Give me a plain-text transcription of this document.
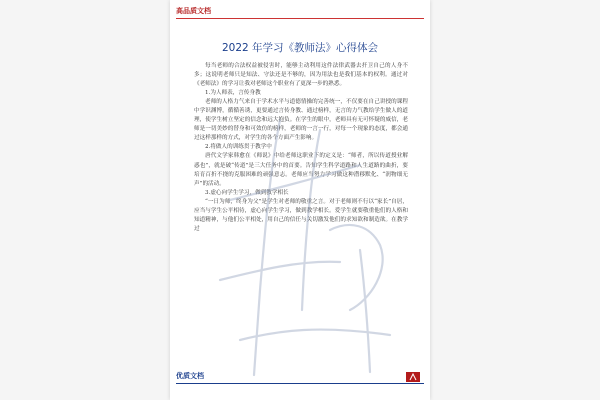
高品质文档
2022 年学习《教师法》心得体会

每当老师的合法权益被侵害时，能够主动利用这件法律武器去扞卫自己的人身不多；这说明老师只是知法、守法还是不够的，因为用法也是我们基本的权利。通过对《老师法》的学习让我对老师这个职业有了更深一步的熟悉。

1.为人师表，言传身教

老师的人格力气来自于学术水平与道德情操的完善统一，不仅要在自己讲授的课程中学识渊博，循循善诱，更要通过言传身教、通过榜样，无言的力气教给学生做人的道理，使学生树立坚定的信念和远大抱负。在学生的眼中，老师具有无可怀疑的威信，老师是一切美妙的替身和可效仿的榜样，老师的一言一行，对每一个现象的态度，都会通过这样那样的方式，对学生的各个方面产生影响。

2.将做人的训练贯于教学中

唐代文学家韩愈在《师说》中给老师这职业下的定义是：“师者，所以传道授业解惑也”，就是破“传道”是三大任务中的首要。告知学生科学道路和人生道路的曲折，要培育百折不挠的克服困难的顽强意志。老师应当努力学习做这种潜移默化、“润物细无声”的活动。

3.虚心向学生学习，做到教学相长

“一日为师，终身为父”是学生对老师的敬重之言。对于老师则不行以“家长”自居，应当与学生公平相待，虚心向学生学习，做到教学相长。爱学生就要敬重他们的人格和知道精神，与他们公平相处，用自己的信任与关切激发他们的求知欲和制造欲。在教学过

优质文档
